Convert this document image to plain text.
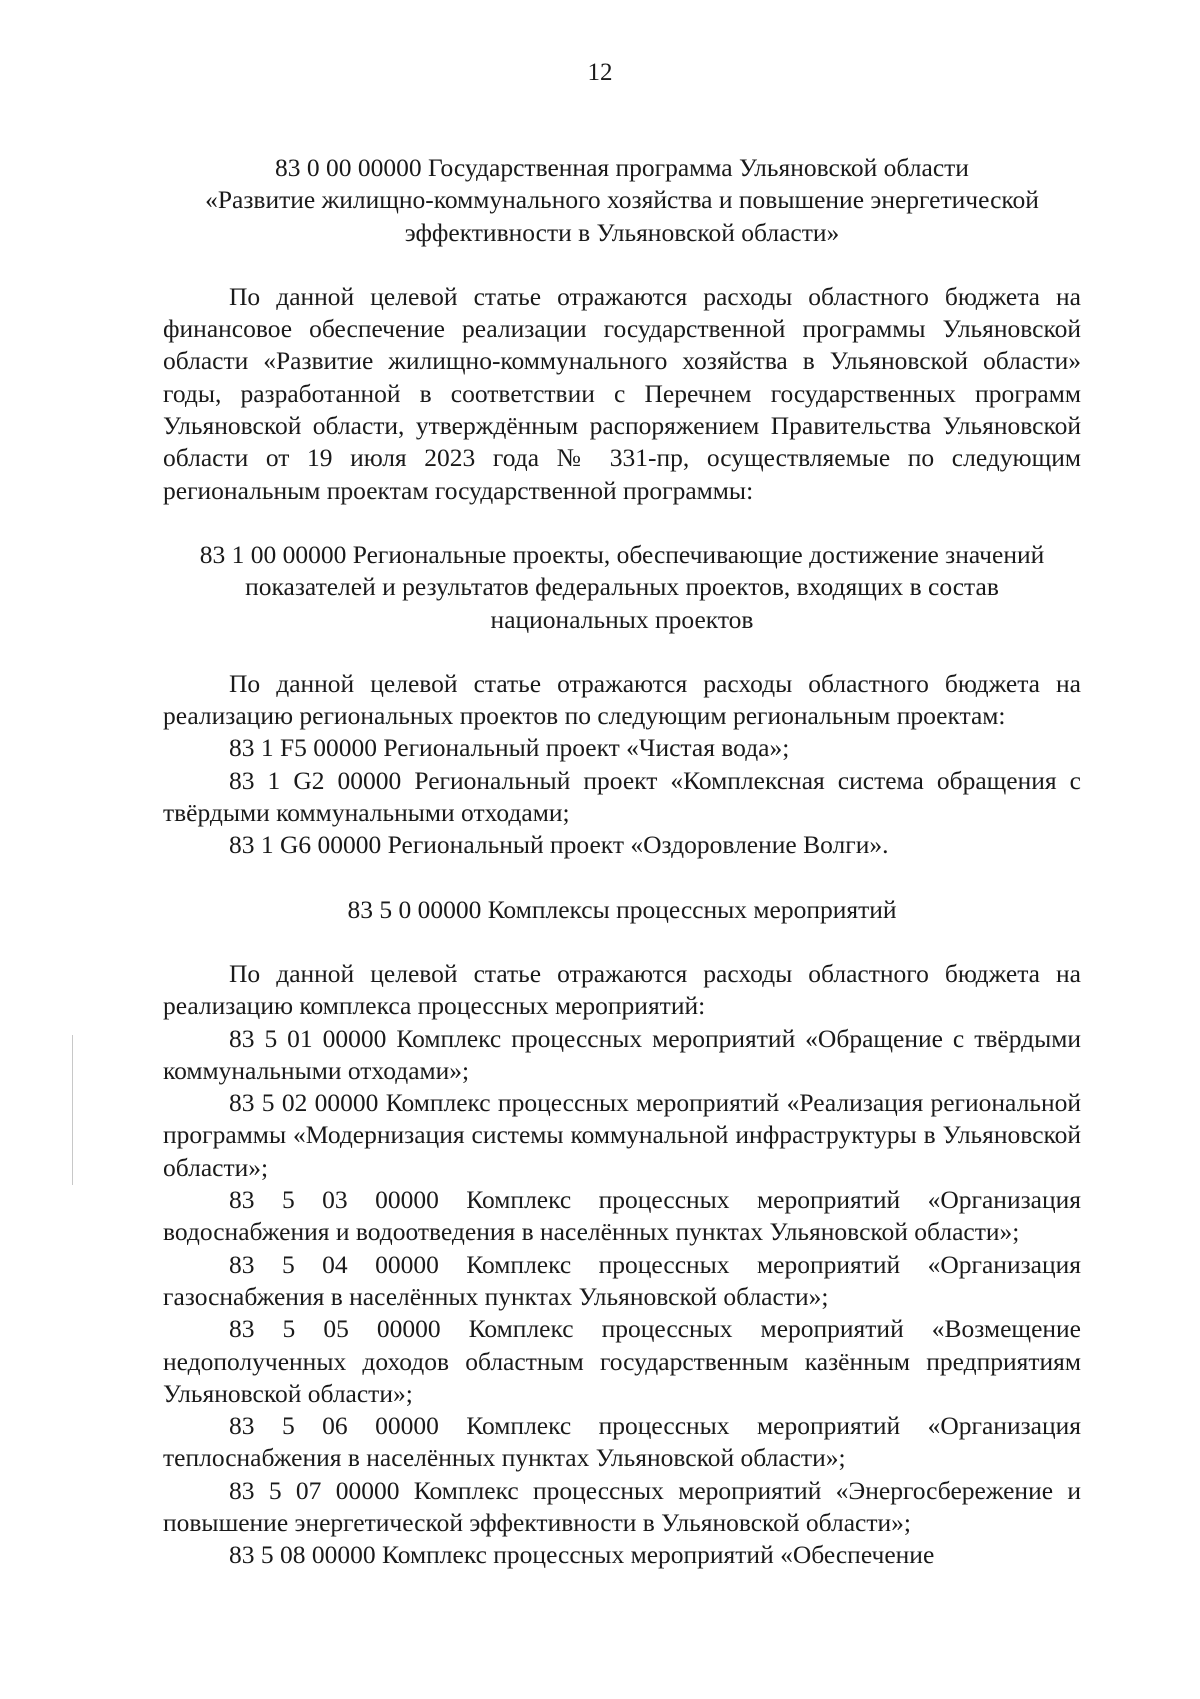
12
83 0 00 00000 Государственная программа Ульяновской области
«Развитие жилищно-коммунального хозяйства и повышение энергетической
эффективности в Ульяновской области»

По данной целевой статье отражаются расходы областного бюджета на финансовое обеспечение реализации государственной программы Ульяновской области «Развитие жилищно-коммунального хозяйства в Ульяновской области» годы, разработанной в соответствии с Перечнем государственных программ Ульяновской области, утверждённым распоряжением Правительства Ульяновской области от 19 июля 2023 года № 331-пр, осуществляемые по следующим региональным проектам государственной программы:

83 1 00 00000 Региональные проекты, обеспечивающие достижение значений
показателей и результатов федеральных проектов, входящих в состав
национальных проектов

По данной целевой статье отражаются расходы областного бюджета на реализацию региональных проектов по следующим региональным проектам:

83 1 F5 00000 Региональный проект «Чистая вода»;

83 1 G2 00000 Региональный проект «Комплексная система обращения с твёрдыми коммунальными отходами;

83 1 G6 00000 Региональный проект «Оздоровление Волги».

83 5 0 00000 Комплексы процессных мероприятий

По данной целевой статье отражаются расходы областного бюджета на реализацию комплекса процессных мероприятий:

83 5 01 00000 Комплекс процессных мероприятий «Обращение с твёрдыми коммунальными отходами»;

83 5 02 00000 Комплекс процессных мероприятий «Реализация региональной программы «Модернизация системы коммунальной инфраструктуры в Ульяновской области»;

83 5 03 00000 Комплекс процессных мероприятий «Организация водоснабжения и водоотведения в населённых пунктах Ульяновской области»;

83 5 04 00000 Комплекс процессных мероприятий «Организация газоснабжения в населённых пунктах Ульяновской области»;

83 5 05 00000 Комплекс процессных мероприятий «Возмещение недополученных доходов областным государственным казённым предприятиям Ульяновской области»;

83 5 06 00000 Комплекс процессных мероприятий «Организация теплоснабжения в населённых пунктах Ульяновской области»;

83 5 07 00000 Комплекс процессных мероприятий «Энергосбережение и повышение энергетической эффективности в Ульяновской области»;

83 5 08 00000 Комплекс процессных мероприятий «Обеспечение
